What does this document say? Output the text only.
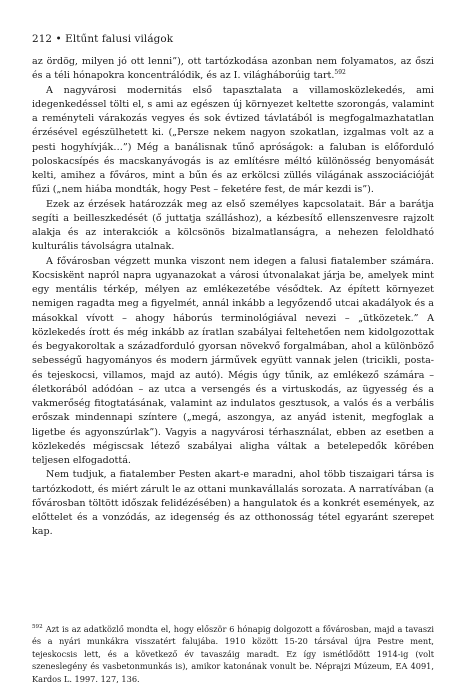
212 • Eltűnt falusi világok

az ördög, milyen jó ott lenni”), ott tartózkodása azonban nem folyamatos, az őszi és a téli hónapokra koncentrálódik, és az I. világháborúig tart.$^{592}$

A nagyvárosi modernitás első tapasztalata a villamosközlekedés, ami idegenkedéssel tölti el, s ami az egészen új környezet keltette szorongás, valamint a reményteli várakozás vegyes és sok évtized távlatából is megfogalmazhatatlan érzésével egészülhetett ki. („Persze nekem nagyon szokatlan, izgalmas volt az a pesti hogyhívják…”) Még a banálisnak tűnő apróságok: a faluban is előforduló poloskacsípés és macskanyávogás is az említésre méltó különösség benyomását kelti, amihez a főváros, mint a bűn és az erkölcsi züllés világának asszociációját fűzi („nem hiába mondták, hogy Pest – feketére fest, de már kezdi is”).

Ezek az érzések határozzák meg az első személyes kapcsolatait. Bár a barátja segíti a beilleszkedését (ő juttatja szálláshoz), a kézbesítő ellenszenvesre rajzolt alakja és az interakciók a kölcsönös bizalmatlanságra, a nehezen feloldható kulturális távolságra utalnak.

A fővárosban végzett munka viszont nem idegen a falusi fiatalember számára. Kocsiskënt napról napra ugyanazokat a városi útvonalakat járja be, amelyek mint egy mentális térkép, mélyen az emlékezetébe vésődtek. Az épített környezet nemigen ragadta meg a figyelmét, annál inkább a legyőzendő utcai akadályok és a másokkal vívott – ahogy háborús terminológiával nevezi – „ütközetek.” A közlekedés írott és még inkább az íratlan szabályai feltehetően nem kidolgozottak és begyakoroltak a századforduló gyorsan növekvő forgalmában, ahol a különböző sebességű hagyományos és modern járművek együtt vannak jelen (tricikli, posta- és tejeskocsi, villamos, majd az autó). Mégis úgy tűnik, az emlékező számára – életkorából adódóan – az utca a versengés és a virtuskodás, az ügyesség és a vakmerőség fitogtatásának, valamint az indulatos gesztusok, a valós és a verbális erőszak mindennapi színtere („megá, aszongya, az anyád istenit, megfoglak a ligetbe és agyonszúrlak”). Vagyis a nagyvárosi térhasználat, ebben az esetben a közlekedés mégiscsak létező szabályai aligha váltak a betelepedők körében teljesen elfogadottá.

Nem tudjuk, a fiatalember Pesten akart-e maradni, ahol több tiszaigari társa is tartózkodott, és miért zárult le az ottani munkavállalás sorozata. A narratívában (a fővárosban töltött időszak felidézésében) a hangulatok és a konkrét események, az előttelet és a vonzódás, az idegenség és az otthonosság tétel egyaránt szerepet kap.

$^{592}$ Azt is az adatközlő mondta el, hogy először 6 hónapig dolgozott a fővárosban, majd a tavaszi és a nyári munkákra visszatért falujába. 1910 között 15-20 társával újra Pestre ment, tejeskocsis lett, és a következő év tavaszáig maradt. Ez így ismétlődött 1914-ig (volt szeneslegény és vasbetonmunkás is), amikor katonának vonult be. Néprajzi Múzeum, EA 4091, Kardos L. 1997. 127, 136.
